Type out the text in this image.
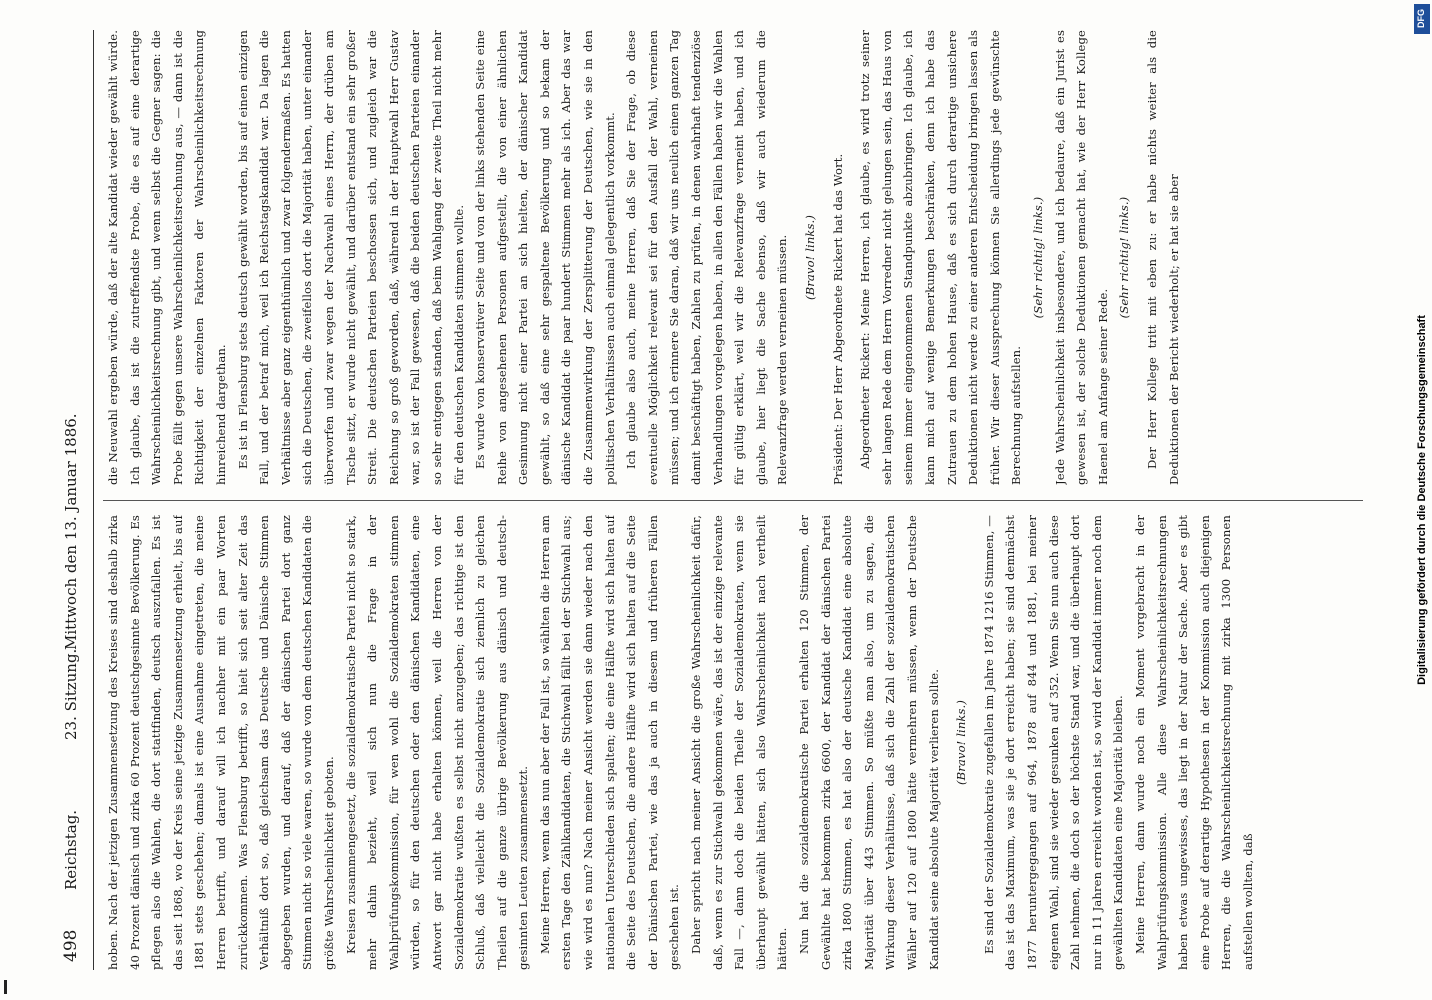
498
Reichstag.
23. Sitzung.
Mittwoch den 13. Januar 1886. hoben. Nach der jetzigen Zusammensetzung des Kreises sind deshalb zirka 40 Prozent dänisch und zirka 60 Prozent deutschgesinnte Bevölkerung. Es pflegen also die Wahlen, die dort stattfinden, deutsch auszufallen. Es ist das seit 1868, wo der Kreis seine jetzige Zusammensetzung erhielt, bis auf 1881 stets geschehen; damals ist eine Ausnahme eingetreten, die meine Herren betrifft, und darauf will ich nachher mit ein paar Worten zurückkommen. Was Flensburg betrifft, so hielt sich seit alter Zeit das Verhältniß dort so, daß gleichsam das Deutsche und Dänische Stimmen abgegeben wurden, und darauf, daß der dänischen Partei dort ganz Stimmen nicht so viele waren, so wurde von dem deutschen Kandidaten die größte Wahrscheinlichkeit geboten. Kreisen zusammengesetzt, die sozialdemokratische Partei nicht so stark, mehr dahin bezieht, weil sich nun die Frage in der Wahlprüfungskommission, für wen wohl die Sozialdemokraten stimmen würden, so für den deutschen oder den dänischen Kandidaten, eine Antwort gar nicht habe erhalten können, weil die Herren von der Sozialdemokratie wußten es selbst nicht anzugeben; das richtige ist den Schluß, daß vielleicht die Sozialdemokratie sich ziemlich zu gleichen Theilen auf die ganze übrige Bevölkerung aus dänisch und deutsch-gesinnten Leuten zusammensetzt. Meine Herren, wenn das nun aber der Fall ist, so wählten die Herren am ersten Tage den Zählkandidaten, die Stichwahl fällt bei der Stichwahl aus; wie wird es nun? Nach meiner Ansicht werden sie dann wieder nach den nationalen Unterschieden sich spalten; die eine Hälfte wird sich halten auf die Seite des Deutschen, die andere Hälfte wird sich halten auf die Seite der Dänischen Partei, wie das ja auch in diesem und früheren Fällen geschehen ist. Daher spricht nach meiner Ansicht die große Wahrscheinlichkeit dafür, daß, wenn es zur Stichwahl gekommen wäre, das ist der einzige relevante Fall —, dann doch die beiden Theile der Sozialdemokraten, wenn sie überhaupt gewählt hätten, sich also Wahrscheinlichkeit nach vertheilt hätten. Nun hat die sozialdemokratische Partei erhalten 120 Stimmen, der Gewählte hat bekommen zirka 6600, der Kandidat der dänischen Partei zirka 1800 Stimmen, es hat also der deutsche Kandidat eine absolute Majorität über 443 Stimmen. So müßte man also, um zu sagen, die Wirkung dieser Verhältnisse, daß sich die Zahl der sozialdemokratischen Wähler auf 120 auf 1800 hätte vermehren müssen, wenn der Deutsche Kandidat seine absolute Majorität verlieren sollte.	(Bravo! links.)	Es sind der Sozialdemokratie zugefallen im Jahre 1874 1216 Stimmen, — das ist das Maximum, was sie je dort erreicht haben; sie sind demnächst 1877 heruntergegangen auf 964, 1878 auf 844 und 1881, bei meiner eigenen Wahl, sind sie wieder gesunken auf 352. Wenn Sie nun auch diese Zahl nehmen, die doch so der höchste Stand war, und die überhaupt dort nur in 11 Jahren erreicht worden ist, so wird der Kandidat immer noch dem gewählten Kandidaten eine Majorität bleiben. Meine Herren, dann wurde noch ein Moment vorgebracht in der Wahlprüfungskommission. Alle diese Wahrscheinlichkeitsrechnungen haben etwas ungewisses, das liegt in der Natur der Sache. Aber es gibt eine Probe auf derartige Hypothesen in der Kommission auch diejenigen Herren, die die Wahrscheinlichkeitsrechnung mit zirka 1300 Personen aufstellen wollten, daß

die Neuwahl ergeben würde, daß der alte Kandidat wieder gewählt würde. Ich glaube, das ist die zutreffendste Probe, die es auf eine derartige Wahrscheinlichkeitsrechnung gibt, und wenn selbst die Gegner sagen: die Probe fällt gegen unsere Wahrscheinlichkeitsrechnung aus, — dann ist die Richtigkeit der einzelnen Faktoren der Wahrscheinlichkeitsrechnung hinreichend dargethan. Es ist in Flensburg stets deutsch gewählt worden, bis auf einen einzigen Fall, und der betraf mich, weil ich Reichstagskandidat war. Da lagen die Verhältnisse aber ganz eigenthümlich und zwar folgendermaßen. Es hatten sich die Deutschen, die zweifellos dort die Majorität haben, unter einander überworfen und zwar wegen der Nachwahl eines Herrn, der drüben am Tische sitzt, er wurde nicht gewählt, und darüber entstand ein sehr großer Streit. Die deutschen Parteien beschossen sich, und zugleich war die Reichung so groß geworden, daß, während in der Hauptwahl Herr Gustav war, so ist der Fall gewesen, daß die beiden deutschen Parteien einander so sehr entgegen standen, daß beim Wahlgang der zweite Theil nicht mehr für den deutschen Kandidaten stimmen wollte. Es wurde von konservativer Seite und von der links stehenden Seite eine Reihe von angesehenen Personen aufgestellt, die von einer ähnlichen Gesinnung nicht einer Partei an sich hielten, der dänischer Kandidat gewählt, so daß eine sehr gespaltene Bevölkerung und so bekam der dänische Kandidat die paar hundert Stimmen mehr als ich. Aber das war die Zusammenwirkung der Zersplitterung der Deutschen, wie sie in den politischen Verhältnissen auch einmal gelegentlich vorkommt. Ich glaube also auch, meine Herren, daß Sie der Frage, ob diese eventuelle Möglichkeit relevant sei für den Ausfall der Wahl, verneinen müssen; und ich erinnere Sie daran, daß wir uns neulich einen ganzen Tag damit beschäftigt haben, Zahlen zu prüfen, in denen wahrhaft tendenziöse Verhandlungen vorgelegen haben, in allen den Fällen haben wir die Wahlen für gültig erklärt, weil wir die Relevanzfrage verneint haben, und ich glaube, hier liegt die Sache ebenso, daß wir auch wiederum die Relevanzfrage werden verneinen müssen.	(Bravo! links.)	Präsident: Der Herr Abgeordnete Rickert hat das Wort.	Abgeordneter Rickert: Meine Herren, ich glaube, es wird trotz seiner sehr langen Rede dem Herrn Vorredner nicht gelungen sein, das Haus von seinem immer eingenommenen Standpunkte abzubringen. Ich glaube, ich kann mich auf wenige Bemerkungen beschränken, denn ich habe das Zutrauen zu dem hohen Hause, daß es sich durch derartige unsichere Deduktionen nicht werde zu einer anderen Entscheidung bringen lassen als früher. Wir dieser Aussprechung können Sie allerdings jede gewünschte Berechnung aufstellen.

(Sehr richtig! links.) Jede Wahrscheinlichkeit insbesondere, und ich bedaure, daß ein Jurist es gewesen ist, der solche Deduktionen gemacht hat, wie der Herr Kollege Haenel am Anfange seiner Rede.

(Sehr richtig! links.)	Der Herr Kollege tritt mit eben zu: er habe nichts weiter als die Deduktionen der Bericht wiederholt; er hat sie aber

DFG
Digitalisierung gefördert durch die Deutsche Forschungsgemeinschaft
